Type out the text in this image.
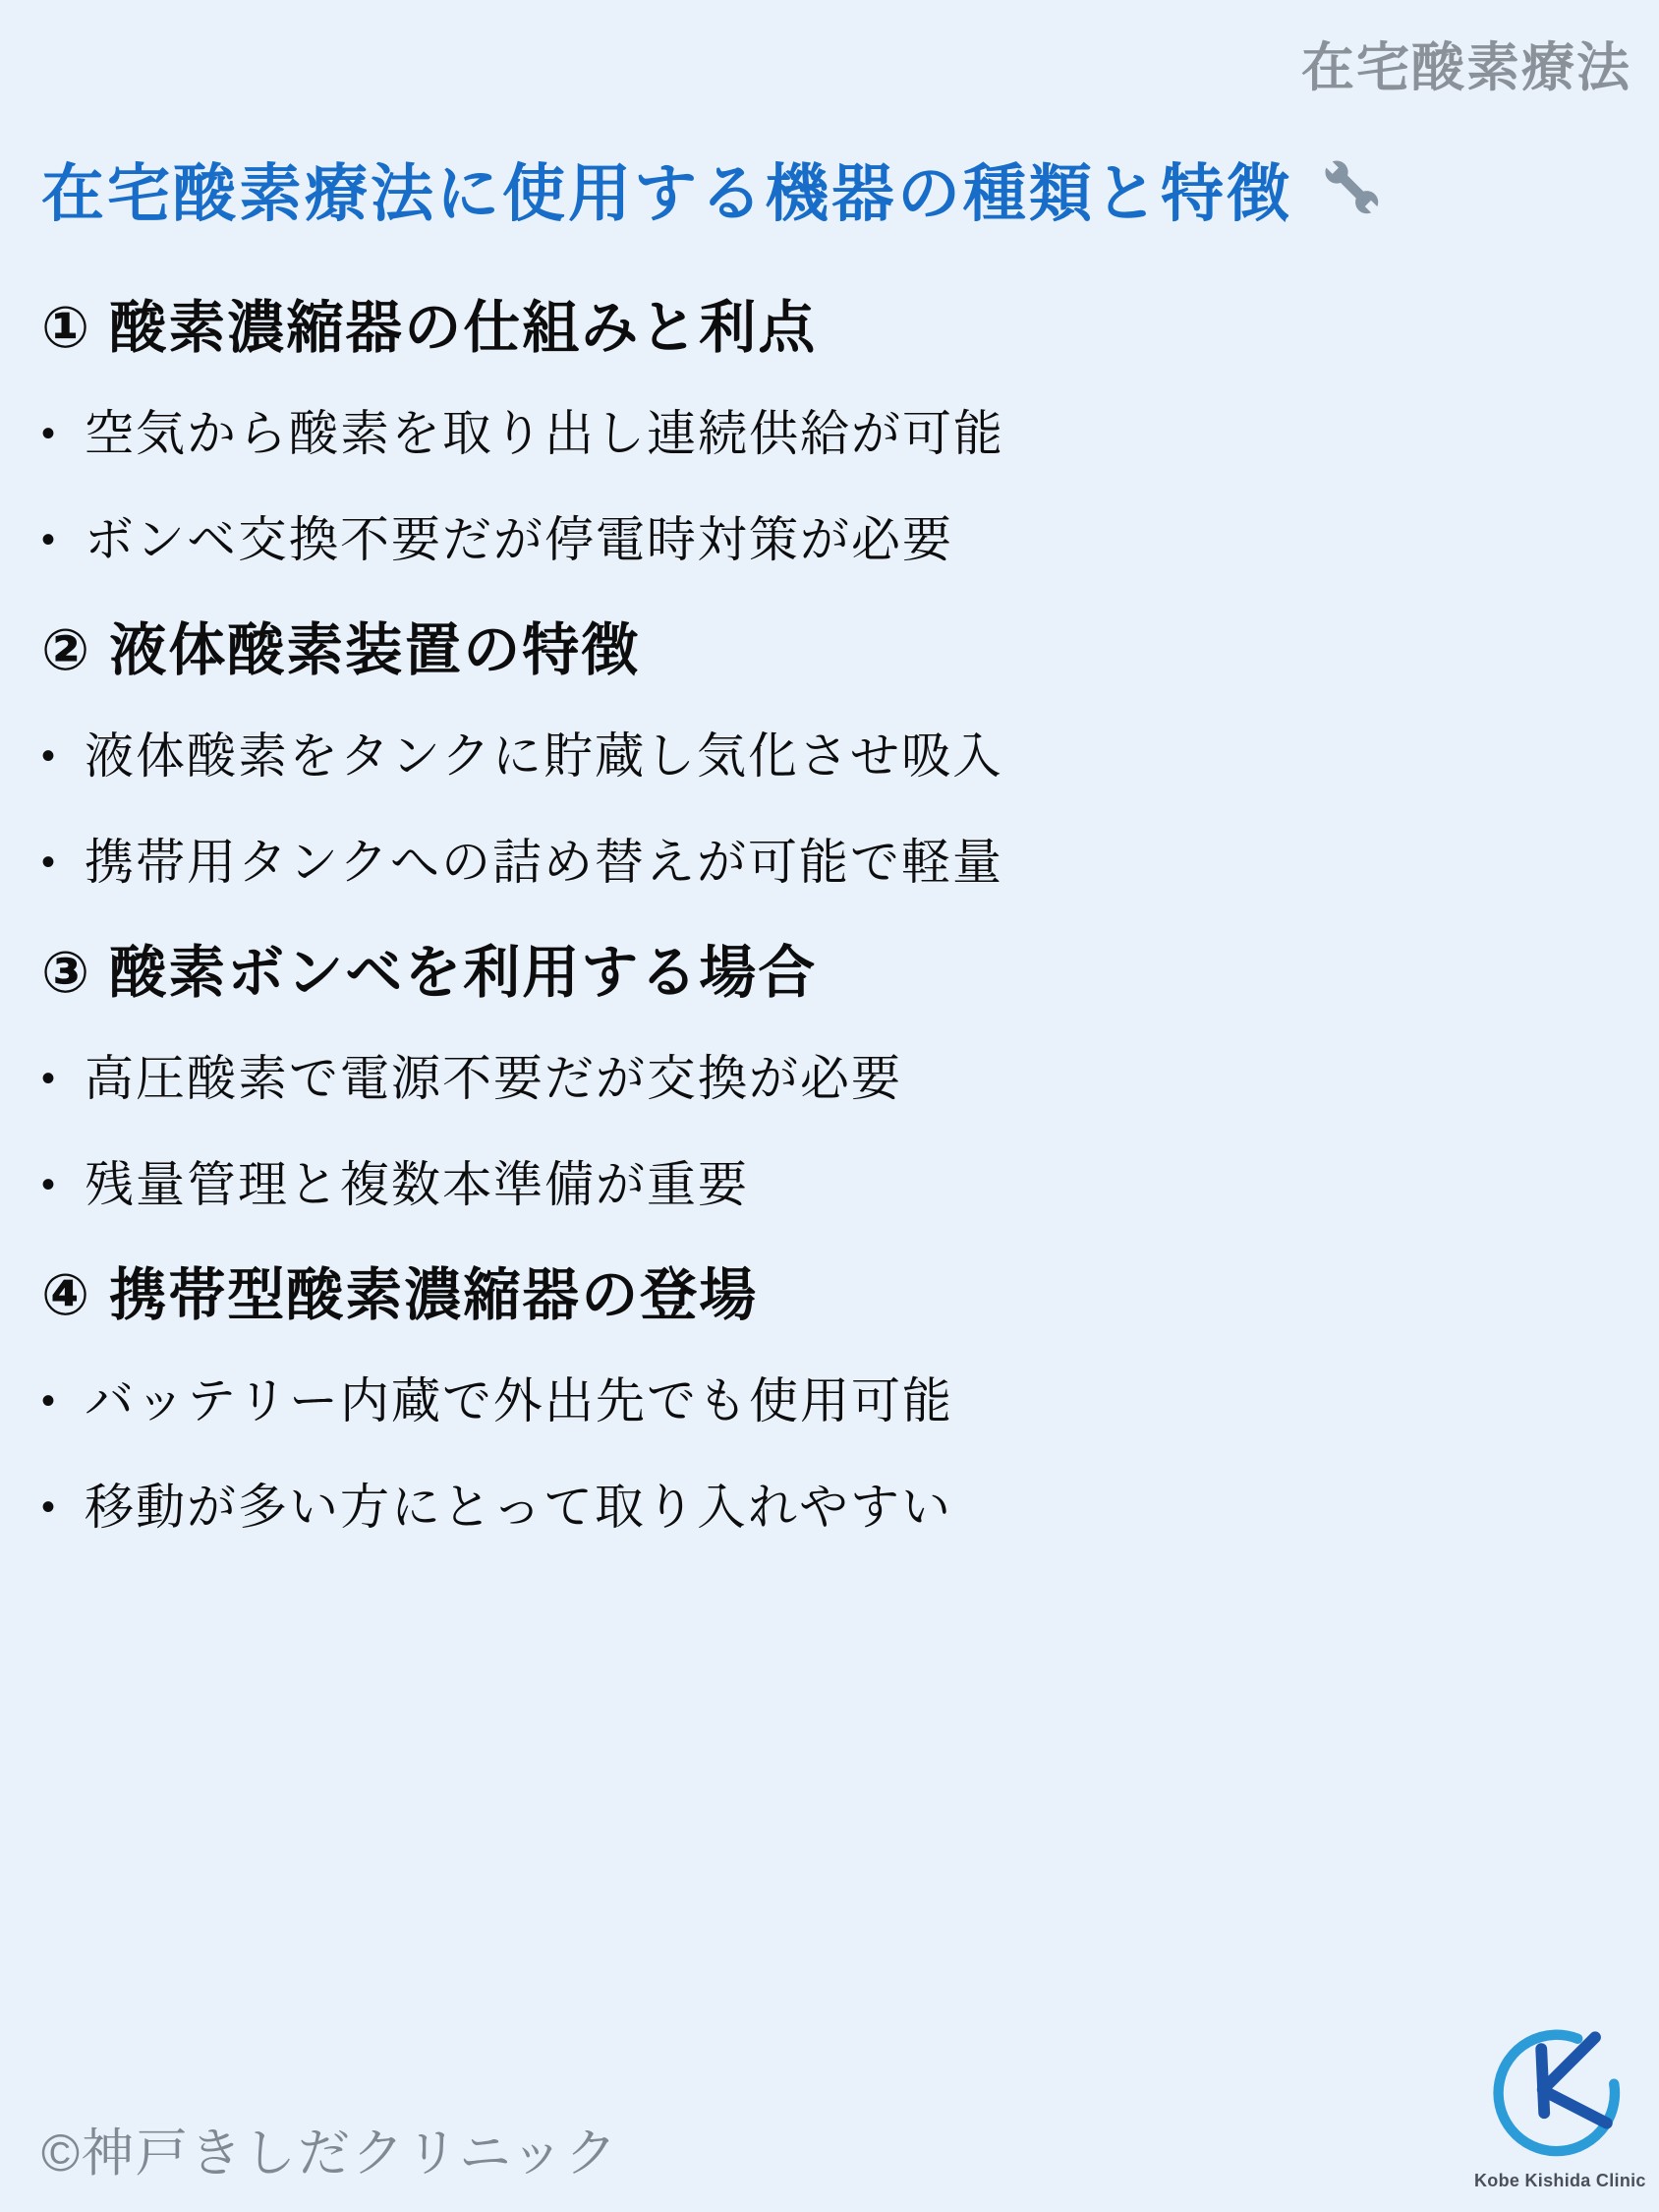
在宅酸素療法
在宅酸素療法に使用する機器の種類と特徴
① 酸素濃縮器の仕組みと利点
• 空気から酸素を取り出し連続供給が可能
• ボンベ交換不要だが停電時対策が必要
② 液体酸素装置の特徴
• 液体酸素をタンクに貯蔵し気化させ吸入
• 携帯用タンクへの詰め替えが可能で軽量
③ 酸素ボンベを利用する場合
• 高圧酸素で電源不要だが交換が必要
• 残量管理と複数本準備が重要
④ 携帯型酸素濃縮器の登場
• バッテリー内蔵で外出先でも使用可能
• 移動が多い方にとって取り入れやすい
©神戸きしだクリニック	Kobe Kishida Clinic
